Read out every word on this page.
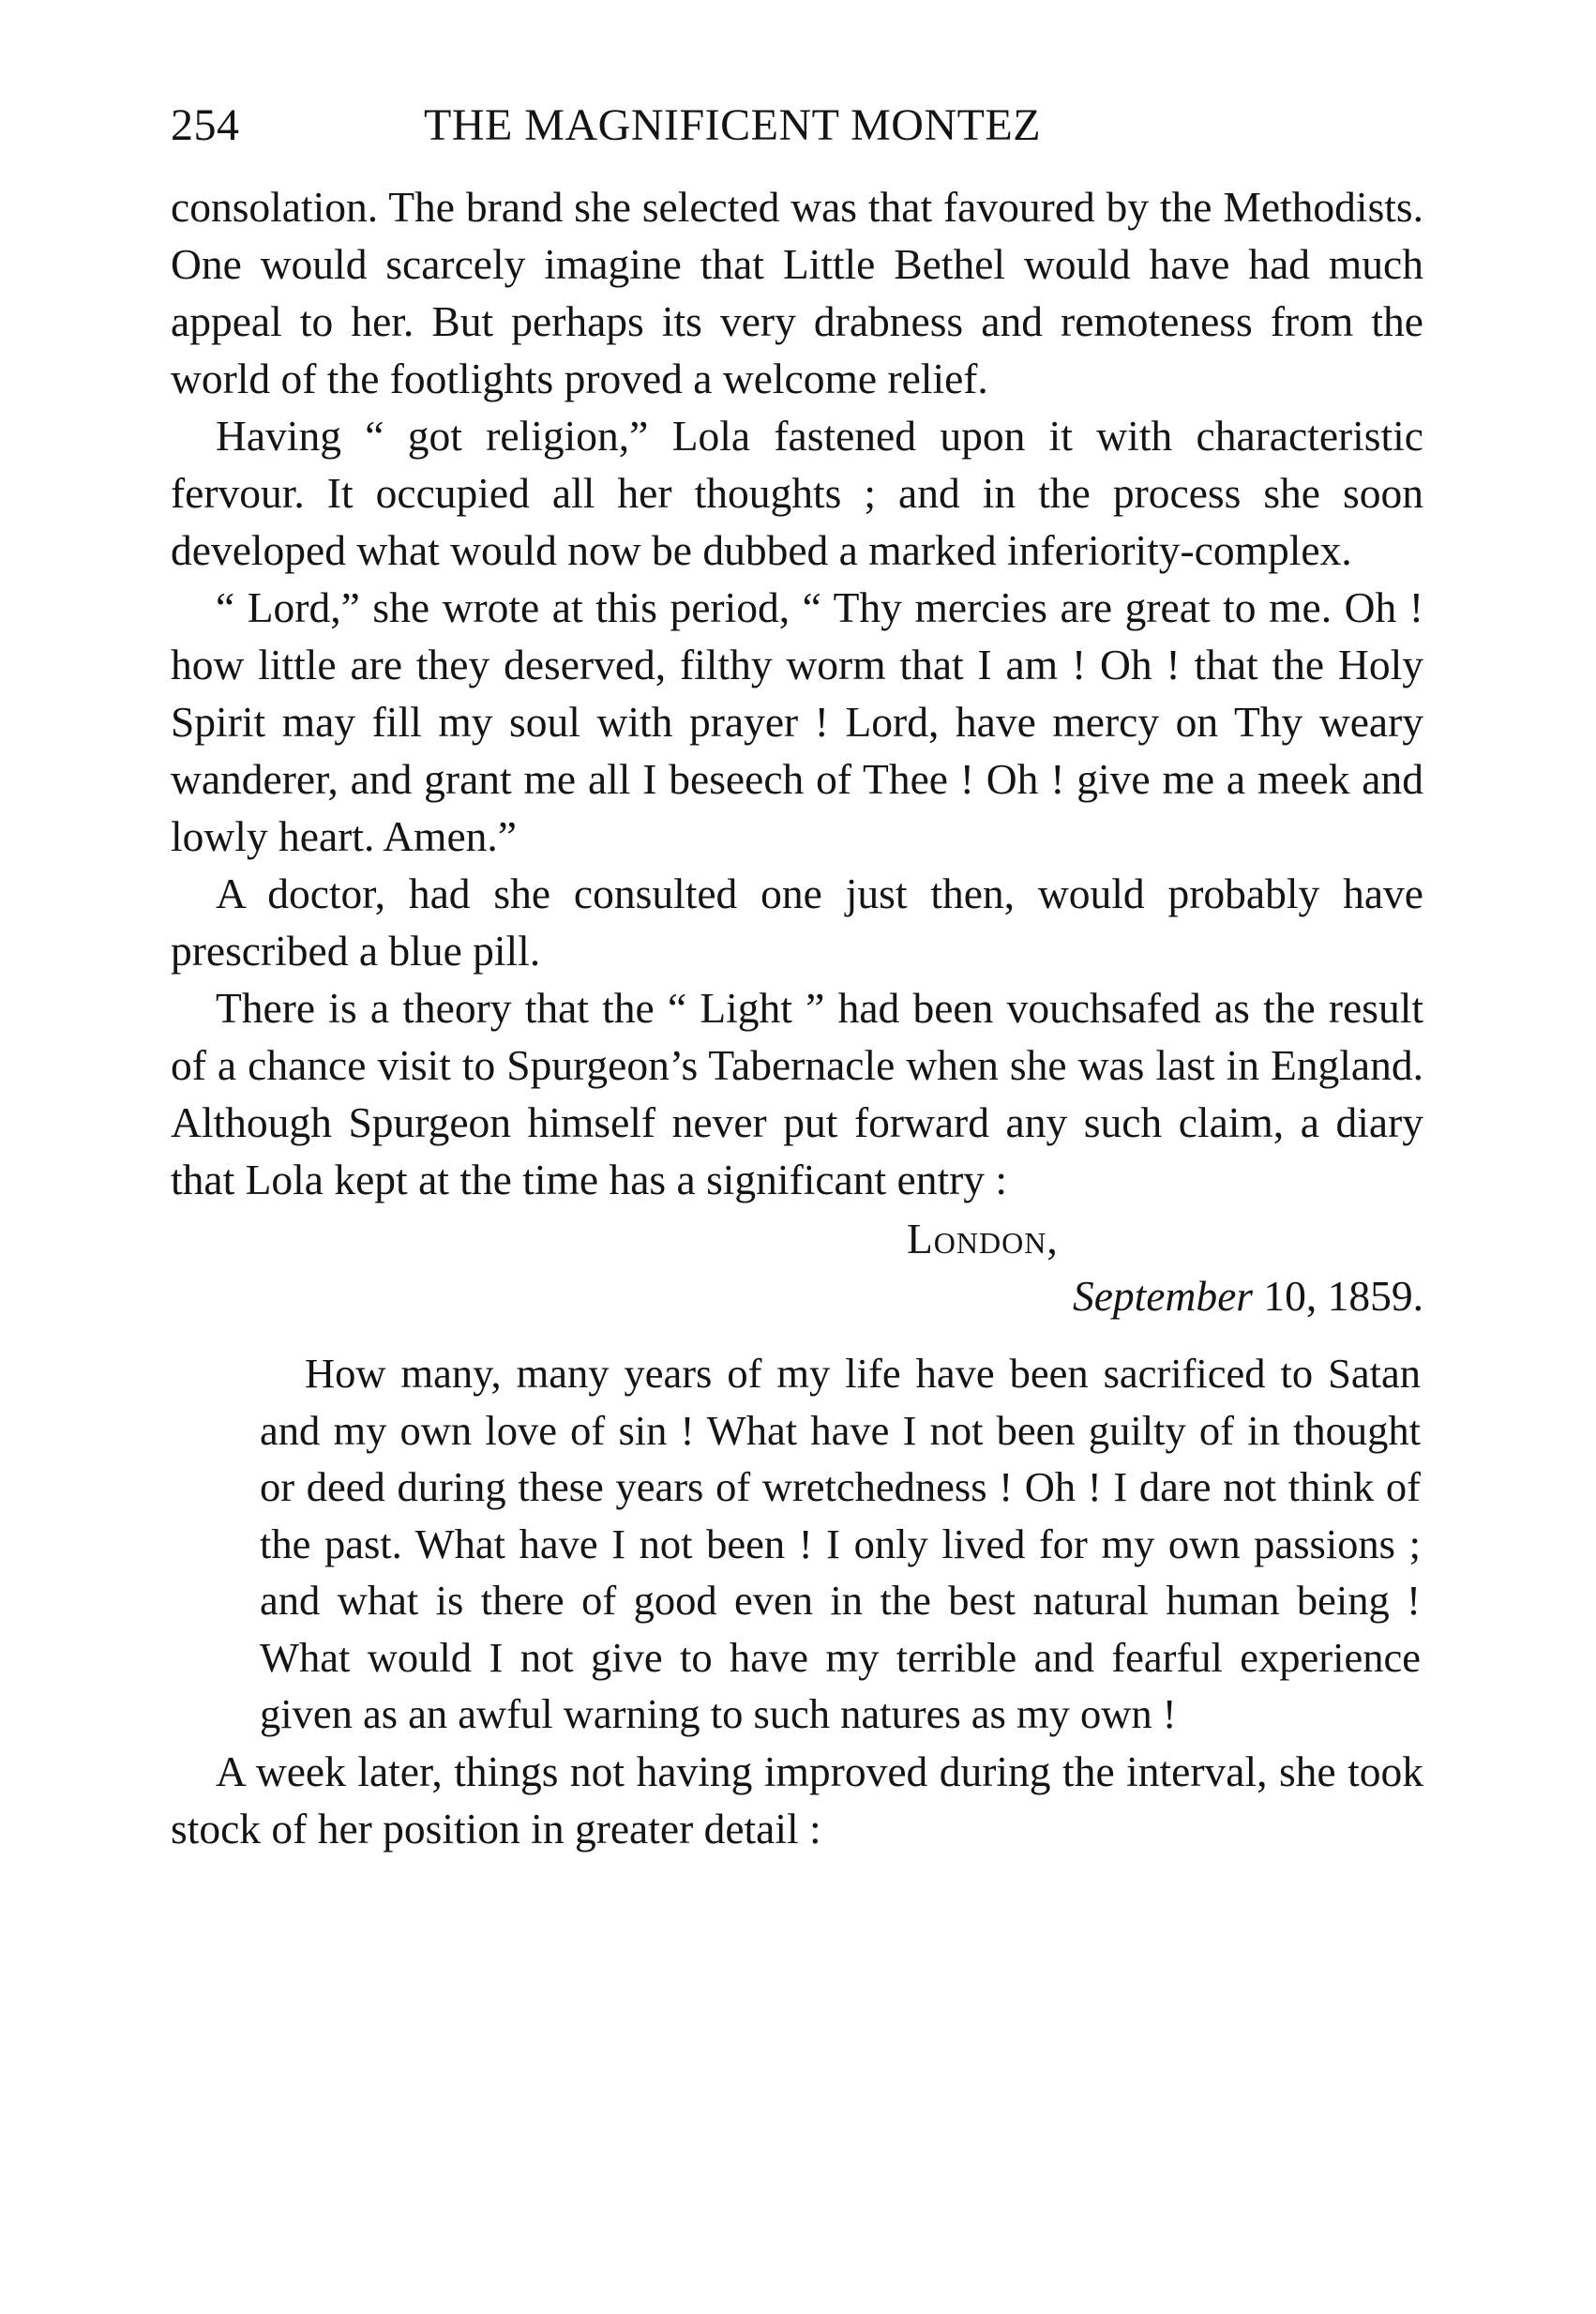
254	THE MAGNIFICENT MONTEZ

consolation. The brand she selected was that favoured by the Methodists. One would scarcely imagine that Little Bethel would have had much appeal to her. But perhaps its very drabness and remoteness from the world of the footlights proved a welcome relief.

Having “ got religion,” Lola fastened upon it with characteristic fervour. It occupied all her thoughts ; and in the process she soon developed what would now be dubbed a marked inferiority-complex.

“ Lord,” she wrote at this period, “ Thy mercies are great to me. Oh ! how little are they deserved, filthy worm that I am ! Oh ! that the Holy Spirit may fill my soul with prayer ! Lord, have mercy on Thy weary wanderer, and grant me all I beseech of Thee ! Oh ! give me a meek and lowly heart. Amen.”

A doctor, had she consulted one just then, would probably have prescribed a blue pill.

There is a theory that the “ Light ” had been vouchsafed as the result of a chance visit to Spurgeon’s Tabernacle when she was last in England. Although Spurgeon himself never put forward any such claim, a diary that Lola kept at the time has a significant entry :

London,
September 10, 1859.

How many, many years of my life have been sacrificed to Satan and my own love of sin ! What have I not been guilty of in thought or deed during these years of wretchedness ! Oh ! I dare not think of the past. What have I not been ! I only lived for my own passions ; and what is there of good even in the best natural human being ! What would I not give to have my terrible and fearful experience given as an awful warning to such natures as my own !

A week later, things not having improved during the interval, she took stock of her position in greater detail :
